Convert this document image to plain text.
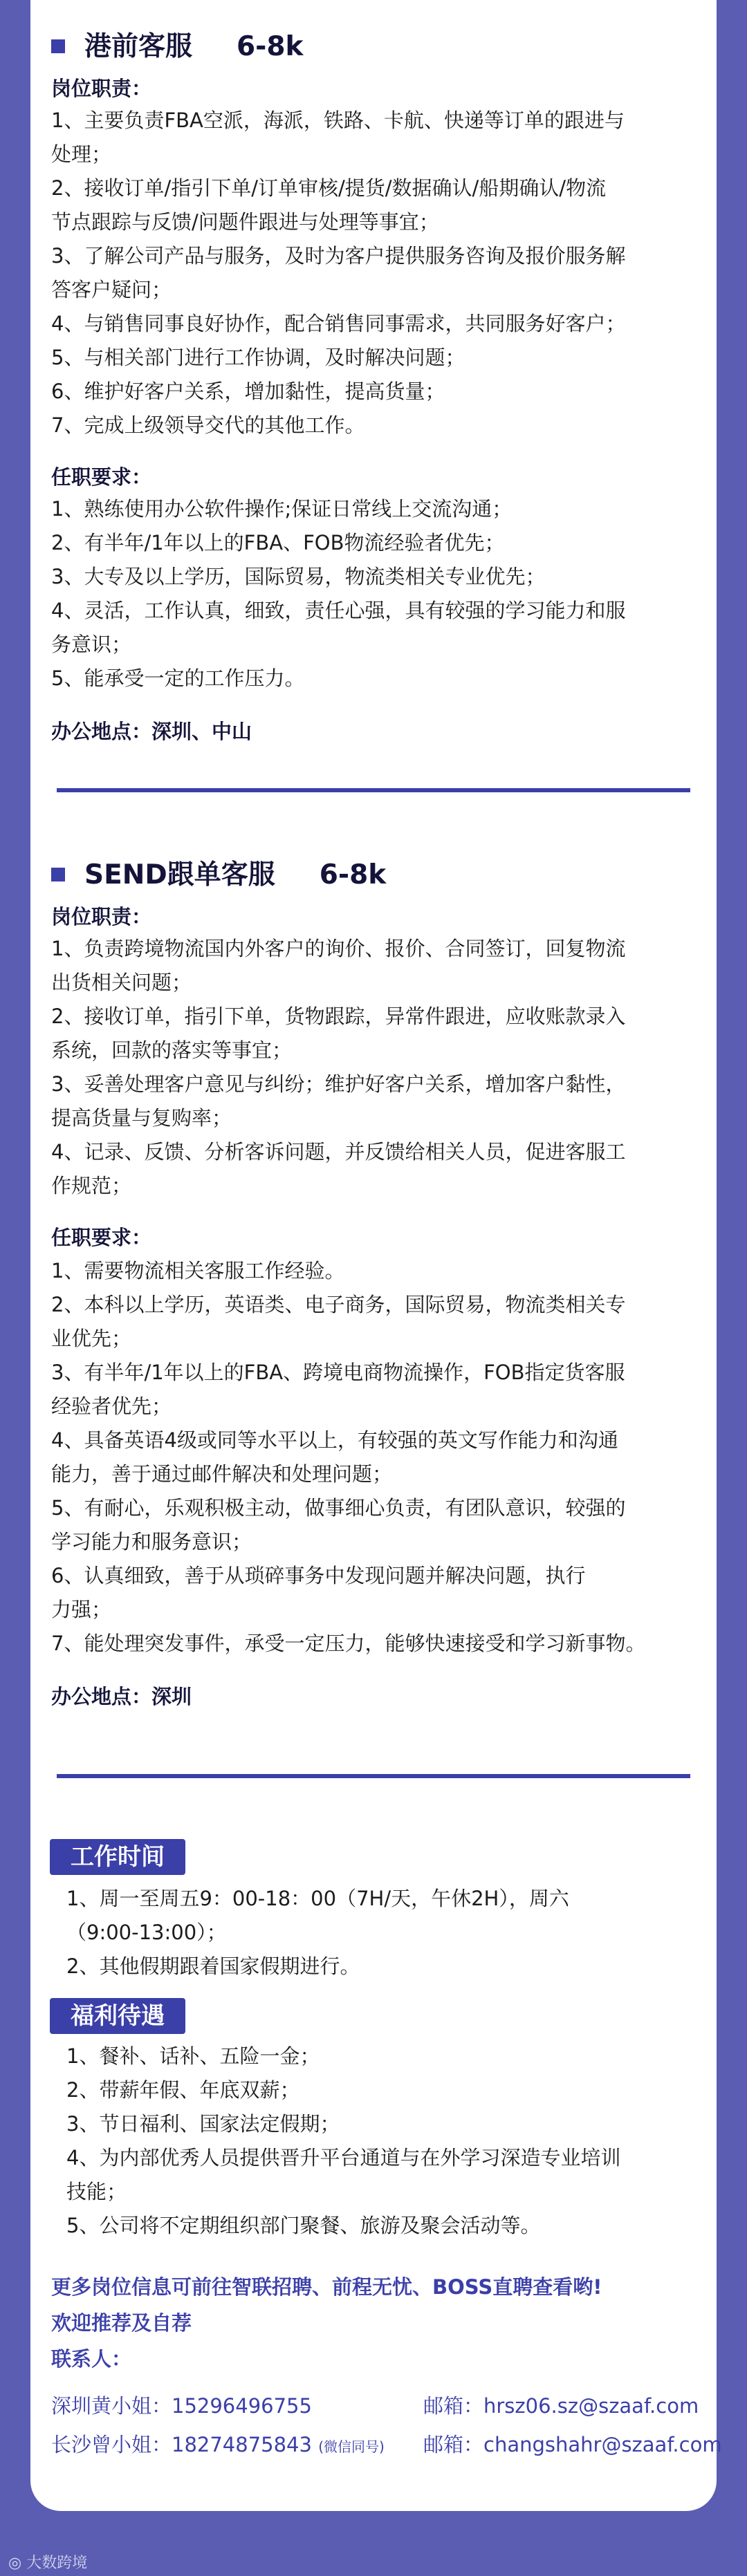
港前客服 6-8k
岗位职责：
1、主要负责FBA空派，海派，铁路、卡航、快递等订单的跟进与
处理；
2、接收订单/指引下单/订单审核/提货/数据确认/船期确认/物流
节点跟踪与反馈/问题件跟进与处理等事宜；
3、了解公司产品与服务，及时为客户提供服务咨询及报价服务解
答客户疑问；
4、与销售同事良好协作，配合销售同事需求，共同服务好客户；
5、与相关部门进行工作协调，及时解决问题；
6、维护好客户关系，增加黏性，提高货量；
7、完成上级领导交代的其他工作。
任职要求：
1、熟练使用办公软件操作;保证日常线上交流沟通；
2、有半年/1年以上的FBA、FOB物流经验者优先；
3、大专及以上学历，国际贸易，物流类相关专业优先；
4、灵活，工作认真，细致，责任心强，具有较强的学习能力和服
务意识；
5、能承受一定的工作压力。
办公地点：深圳、中山
SEND跟单客服 6-8k
岗位职责：
1、负责跨境物流国内外客户的询价、报价、合同签订，回复物流
出货相关问题；
2、接收订单，指引下单，货物跟踪，异常件跟进，应收账款录入
系统，回款的落实等事宜；
3、妥善处理客户意见与纠纷；维护好客户关系，增加客户黏性，
提高货量与复购率；
4、记录、反馈、分析客诉问题，并反馈给相关人员，促进客服工
作规范；
任职要求：
1、需要物流相关客服工作经验。
2、本科以上学历，英语类、电子商务，国际贸易，物流类相关专
业优先；
3、有半年/1年以上的FBA、跨境电商物流操作，FOB指定货客服
经验者优先；
4、具备英语4级或同等水平以上，有较强的英文写作能力和沟通
能力，善于通过邮件解决和处理问题；
5、有耐心，乐观积极主动，做事细心负责，有团队意识，较强的
学习能力和服务意识；
6、认真细致，善于从琐碎事务中发现问题并解决问题，执行
力强；
7、能处理突发事件，承受一定压力，能够快速接受和学习新事物。
办公地点：深圳
工作时间
1、周一至周五9：00-18：00（7H/天，午休2H），周六
（9:00-13:00）；
2、其他假期跟着国家假期进行。
福利待遇
1、餐补、话补、五险一金；
2、带薪年假、年底双薪；
3、节日福利、国家法定假期；
4、为内部优秀人员提供晋升平台通道与在外学习深造专业培训
技能；
5、公司将不定期组织部门聚餐、旅游及聚会活动等。
更多岗位信息可前往智联招聘、前程无忧、BOSS直聘查看哟!
欢迎推荐及自荐
联系人：
深圳黄小姐：15296496755	邮箱：hrsz06.sz@szaaf.com
长沙曾小姐：18274875843 (微信同号) 邮箱：changshahr@szaaf.com
◎ 大数跨境
